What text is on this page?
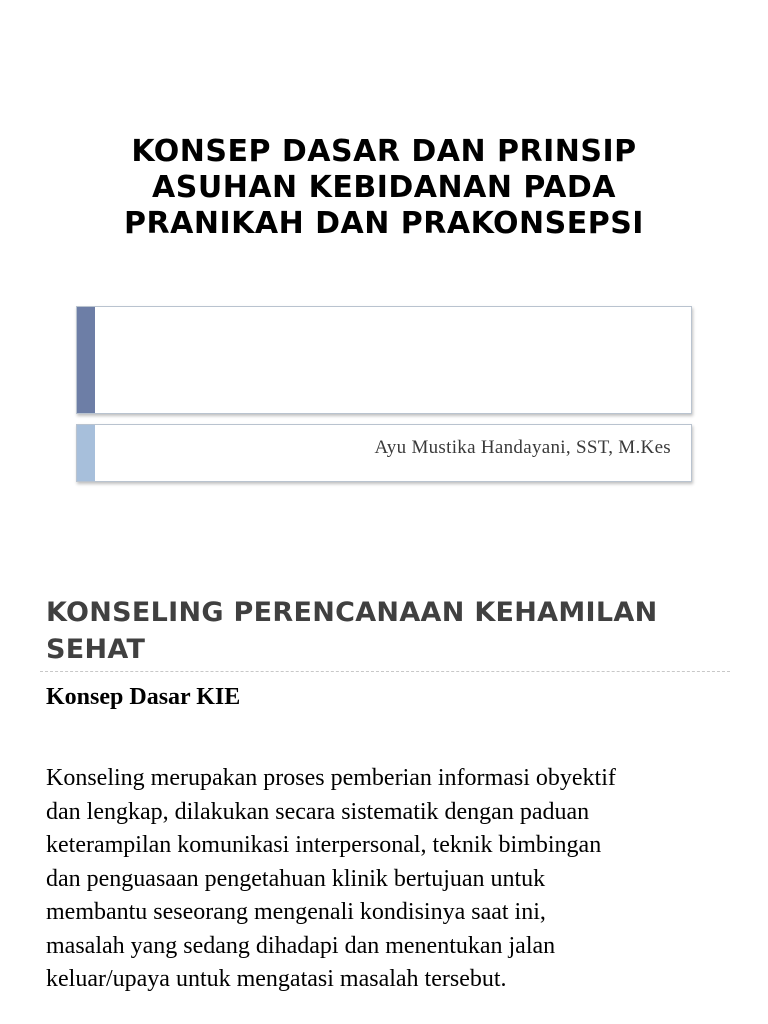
KONSEP DASAR DAN PRINSIP
ASUHAN KEBIDANAN PADA
PRANIKAH DAN PRAKONSEPSI
Ayu Mustika Handayani, SST, M.Kes
KONSELING PERENCANAAN KEHAMILAN
SEHAT
Konsep Dasar KIE
Konseling merupakan proses pemberian informasi obyektif
dan lengkap, dilakukan secara sistematik dengan paduan
keterampilan komunikasi interpersonal, teknik bimbingan
dan penguasaan pengetahuan klinik bertujuan untuk
membantu seseorang mengenali kondisinya saat ini,
masalah yang sedang dihadapi dan menentukan jalan
keluar/upaya untuk mengatasi masalah tersebut.
